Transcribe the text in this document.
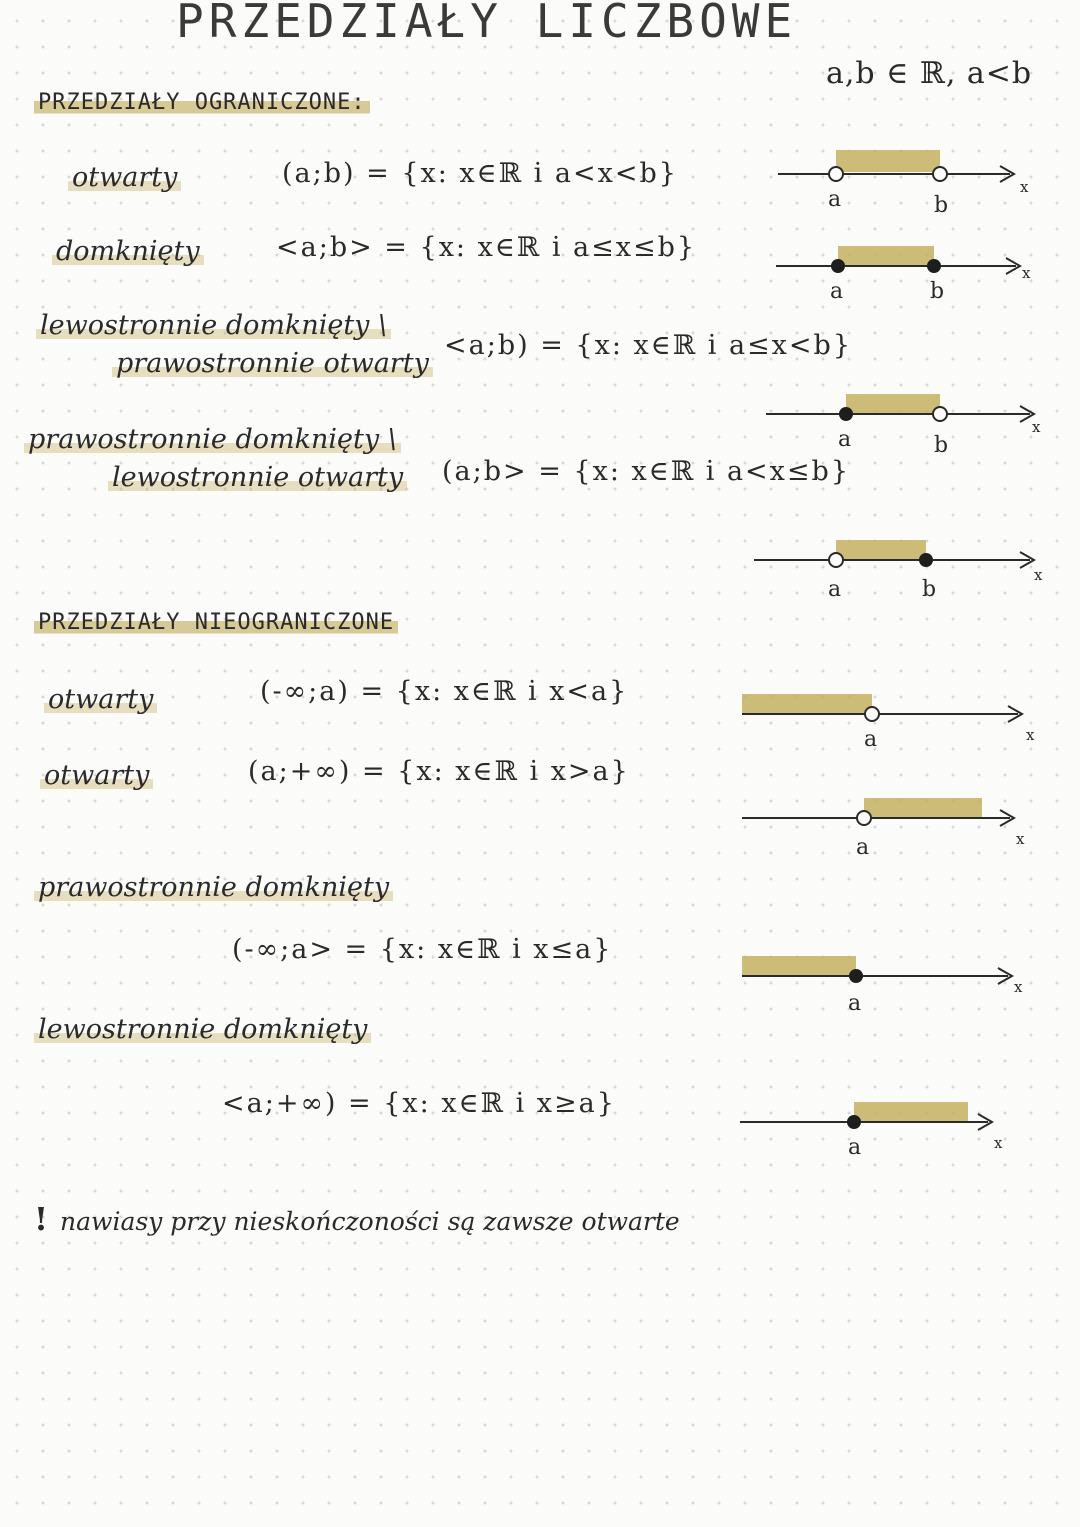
PRZEDZIAŁY LICZBOWE
a,b ∈ ℝ, a<b
PRZEDZIAŁY OGRANICZONE:
otwarty	(a;b) = {x: x∈ℝ i a<x<b}
domknięty	<a;b> = {x: x∈ℝ i a≤x≤b}
lewostronnie domknięty \
prawostronnie otwarty
<a;b) = {x: x∈ℝ i a≤x<b}
prawostronnie domknięty \
lewostronnie otwarty (a;b> = {x: x∈ℝ i a<x≤b}
PRZEDZIAŁY NIEOGRANICZONE
otwarty	(-∞;a) = {x: x∈ℝ i x<a}
otwarty	(a;+∞) = {x: x∈ℝ i x>a}
prawostronnie domknięty
(-∞;a> = {x: x∈ℝ i x≤a}
lewostronnie domknięty
<a;+∞) = {x: x∈ℝ i x≥a}
! nawiasy przy nieskończoności są zawsze otwarte
a	b
x
a	b
x
a	b
x
a	b
x
a	x
a	x
a
x
a	x
